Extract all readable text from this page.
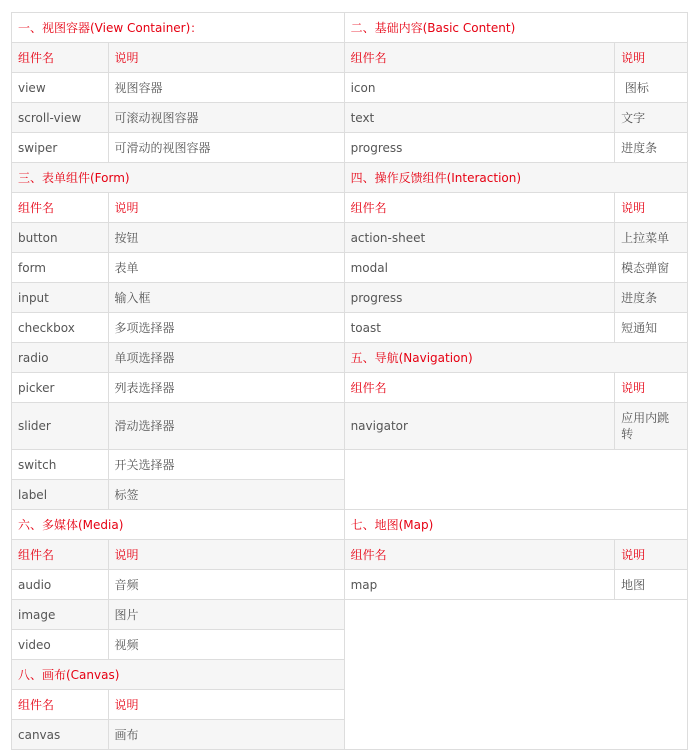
一、视图容器(View Container)：
组件名	说明
view	视图容器
scroll-view	可滚动视图容器
swiper	可滑动的视图容器
三、表单组件(Form)
组件名	说明
button	按钮
form	表单
input	输入框
checkbox	多项选择器
radio	单项选择器
picker	列表选择器
slider	滑动选择器
switch	开关选择器
label	标签

二、基础内容(Basic Content)
组件名	说明
icon	图标
text	文字
progress	进度条
四、操作反馈组件(Interaction)
组件名	说明
action-sheet	上拉菜单
modal	模态弹窗
progress	进度条
toast	短通知
五、导航(Navigation)
组件名	说明
navigator	应用内跳转

六、多媒体(Media)
组件名	说明
audio	音频
image	图片
video	视频
八、画布(Canvas)
组件名	说明
canvas	画布

七、地图(Map)
组件名	说明
map	地图
